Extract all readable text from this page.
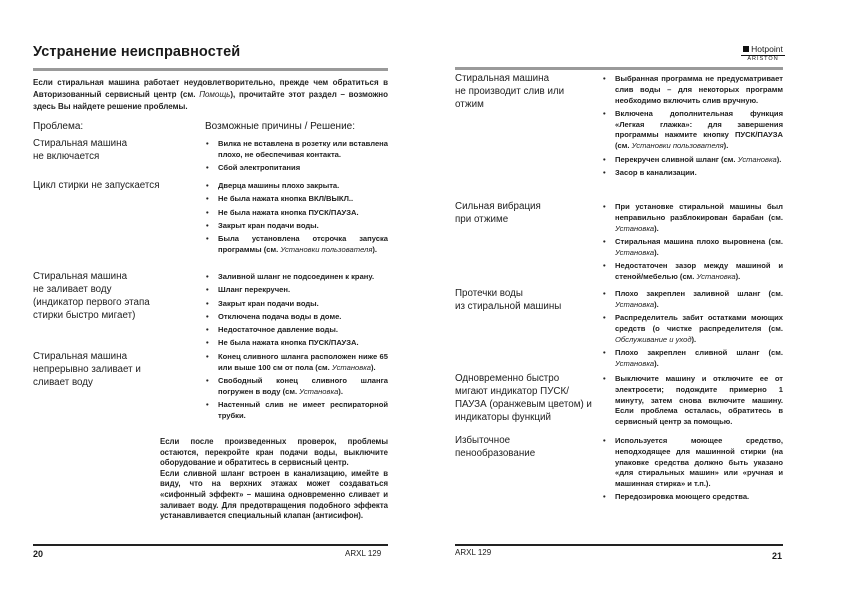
Устранение неисправностей
Если стиральная машина работает неудовлетворительно, прежде чем обратиться в Авторизованный сервисный центр (см. Помощь), прочитайте этот раздел – возможно здесь Вы найдете решение проблемы.
Проблема:	Возможные причины / Решение:
Стиральная машина
не включается
• Вилка не вставлена в розетку или вставлена плохо, не обеспечивая контакта.
• Сбой электропитания
Цикл стирки не запускается	• Дверца машины плохо закрыта.
• Не была нажата кнопка ВКЛ/ВЫКЛ..
• Не была нажата кнопка ПУСК/ПАУЗА.
• Закрыт кран подачи воды.
• Была установлена отсрочка запуска программы (см. Установки пользователя).
Стиральная машина
не заливает воду
(индикатор первого этапа
стирки быстро мигает)
• Заливной шланг не подсоединен к крану.
• Шланг перекручен.
• Закрыт кран подачи воды.
• Отключена подача воды в доме.
• Недостаточное давление воды.
• Не была нажата кнопка ПУСК/ПАУЗА.
Стиральная машина
непрерывно заливает и
сливает воду
• Конец сливного шланга расположен ниже 65 или выше 100 см от пола (см. Установка).
• Свободный конец сливного шланга погружен в воду (см. Установка).
• Настенный слив не имеет респираторной трубки.
Если после произведенных проверок, проблемы остаются, перекройте кран подачи воды, выключите оборудование и обратитесь в сервисный центр.
Если сливной шланг встроен в канализацию, имейте в виду, что на верхних этажах может создаваться «сифонный эффект» – машина одновременно сливает и заливает воду. Для предотвращения подобного эффекта устанавливается специальный клапан (антисифон).
20	ARXL 129
Hotpoint
ARISTON
Стиральная машина
не производит слив или
отжим
• Выбранная программа не предусматривает слив воды – для некоторых программ необходимо включить слив вручную.
• Включена дополнительная функция «Легкая глажка»: для завершения программы нажмите кнопку ПУСК/ПАУЗА (см. Установки пользователя).
• Перекручен сливной шланг (см. Установка).
• Засор в канализации.
Сильная вибрация
при отжиме
• При установке стиральной машины был неправильно разблокирован барабан (см. Установка).
• Стиральная машина плохо выровнена (см. Установка).
• Недостаточен зазор между машиной и стеной/мебелью (см. Установка).
Протечки воды
из стиральной машины
• Плохо закреплен заливной шланг (см. Установка).
• Распределитель забит остатками моющих средств (о чистке распределителя (см. Обслуживание и уход).
• Плохо закреплен сливной шланг (см. Установка).
Одновременно быстро
мигают индикатор ПУСК/
ПАУЗА (оранжевым цветом) и
индикаторы функций
• Выключите машину и отключите ее от электросети; подождите примерно 1 минуту, затем снова включите машину. Если проблема осталась, обратитесь в сервисный центр за помощью.
Избыточное
пенообразование
• Используется моющее средство, неподходящее для машинной стирки (на упаковке средства должно быть указано «для стиральных машин» или «ручная и машинная стирка» и т.п.).
• Передозировка моющего средства.
ARXL 129	21
